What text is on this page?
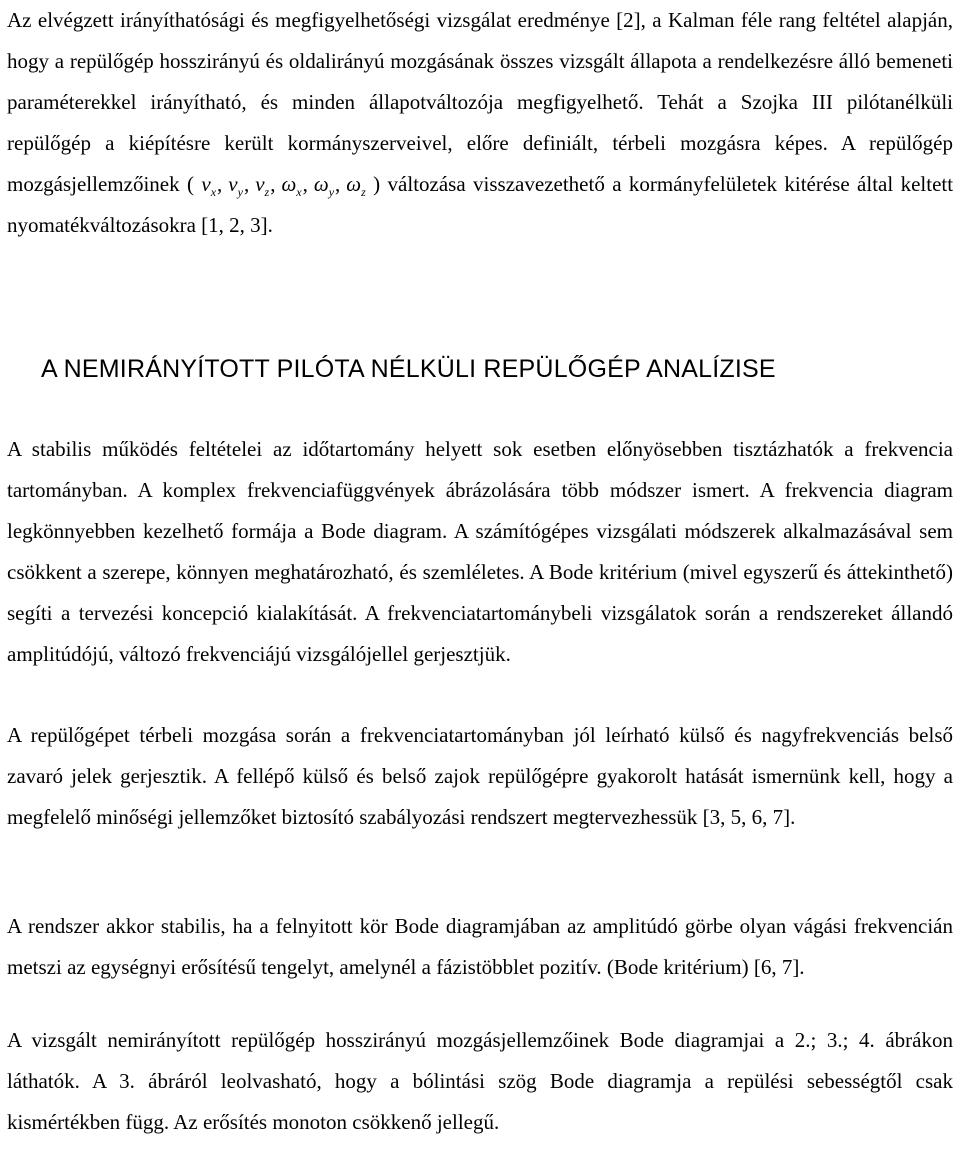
Az elvégzett irányíthatósági és megfigyelhetőségi vizsgálat eredménye [2], a Kalman féle rang feltétel alapján, hogy a repülőgép hosszirányú és oldalirányú mozgásának összes vizsgált állapota a rendelkezésre álló bemeneti paraméterekkel irányítható, és minden állapotváltozója megfigyelhető. Tehát a Szojka III pilótanélküli repülőgép a kiépítésre került kormányszerveivel, előre definiált, térbeli mozgásra képes. A repülőgép mozgásjellemzőinek ( $v_x$, $v_y$, $v_z$, $\omega_x$, $\omega_y$, $\omega_z$ ) változása visszavezethető a kormányfelületek kitérése által keltett nyomatékváltozásokra [1, 2, 3].

A NEMIRÁNYÍTOTT PILÓTA NÉLKÜLI REPÜLŐGÉP ANALÍZISE

A stabilis működés feltételei az időtartomány helyett sok esetben előnyösebben tisztázhatók a frekvencia tartományban. A komplex frekvenciafüggvények ábrázolására több módszer ismert. A frekvencia diagram legkönnyebben kezelhető formája a Bode diagram. A számítógépes vizsgálati módszerek alkalmazásával sem csökkent a szerepe, könnyen meghatározható, és szemléletes. A Bode kritérium (mivel egyszerű és áttekinthető) segíti a tervezési koncepció kialakítását. A frekvenciatartománybeli vizsgálatok során a rendszereket állandó amplitúdójú, változó frekvenciájú vizsgálójellel gerjesztjük.

A repülőgépet térbeli mozgása során a frekvenciatartományban jól leírható külső és nagyfrekvenciás belső zavaró jelek gerjesztik. A fellépő külső és belső zajok repülőgépre gyakorolt hatását ismernünk kell, hogy a megfelelő minőségi jellemzőket biztosító szabályozási rendszert megtervezhessük [3, 5, 6, 7].

A rendszer akkor stabilis, ha a felnyitott kör Bode diagramjában az amplitúdó görbe olyan vágási frekvencián metszi az egységnyi erősítésű tengelyt, amelynél a fázistöbblet pozitív. (Bode kritérium) [6, 7].

A vizsgált nemirányított repülőgép hosszirányú mozgásjellemzőinek Bode diagramjai a 2.; 3.; 4. ábrákon láthatók. A 3. ábráról leolvasható, hogy a bólintási szög Bode diagramja a repülési sebességtől csak kismértékben függ. Az erősítés monoton csökkenő jellegű.
